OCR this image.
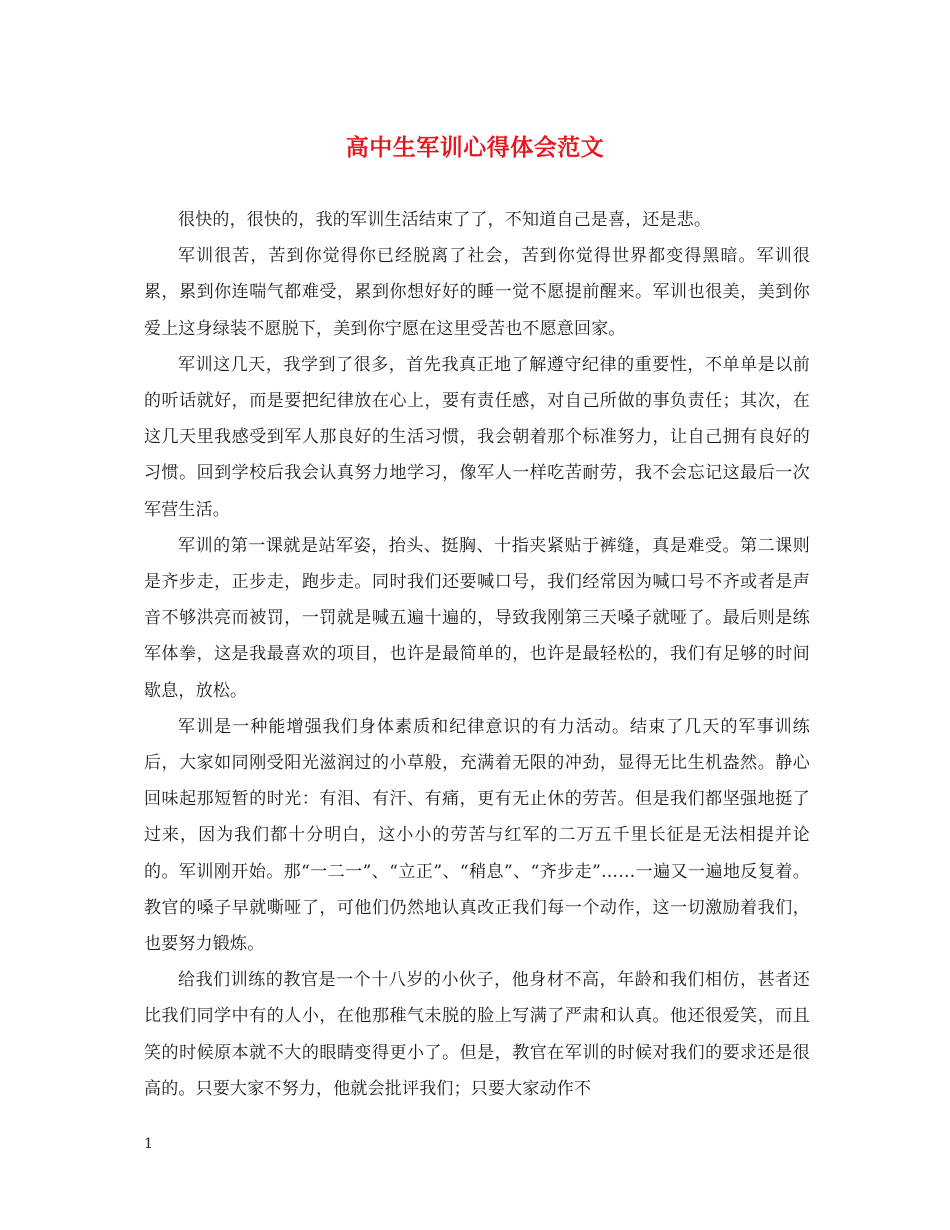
高中生军训心得体会范文

很快的，很快的，我的军训生活结束了了，不知道自己是喜，还是悲。

军训很苦，苦到你觉得你已经脱离了社会，苦到你觉得世界都变得黑暗。军训很累，累到你连喘气都难受，累到你想好好的睡一觉不愿提前醒来。军训也很美，美到你爱上这身绿装不愿脱下，美到你宁愿在这里受苦也不愿意回家。

军训这几天，我学到了很多，首先我真正地了解遵守纪律的重要性，不单单是以前的听话就好，而是要把纪律放在心上，要有责任感，对自己所做的事负责任；其次，在这几天里我感受到军人那良好的生活习惯，我会朝着那个标准努力，让自己拥有良好的习惯。回到学校后我会认真努力地学习，像军人一样吃苦耐劳，我不会忘记这最后一次军营生活。

军训的第一课就是站军姿，抬头、挺胸、十指夹紧贴于裤缝，真是难受。第二课则是齐步走，正步走，跑步走。同时我们还要喊口号，我们经常因为喊口号不齐或者是声音不够洪亮而被罚，一罚就是喊五遍十遍的，导致我刚第三天嗓子就哑了。最后则是练军体拳，这是我最喜欢的项目，也许是最简单的，也许是最轻松的，我们有足够的时间歇息，放松。

军训是一种能增强我们身体素质和纪律意识的有力活动。结束了几天的军事训练后，大家如同刚受阳光滋润过的小草般，充满着无限的冲劲，显得无比生机盎然。静心回味起那短暂的时光：有泪、有汗、有痛，更有无止休的劳苦。但是我们都坚强地挺了过来，因为我们都十分明白，这小小的劳苦与红军的二万五千里长征是无法相提并论的。军训刚开始。那“一二一”、“立正”、“稍息”、“齐步走”……一遍又一遍地反复着。教官的嗓子早就嘶哑了，可他们仍然地认真改正我们每一个动作，这一切激励着我们，也要努力锻炼。

给我们训练的教官是一个十八岁的小伙子，他身材不高，年龄和我们相仿，甚者还比我们同学中有的人小，在他那稚气未脱的脸上写满了严肃和认真。他还很爱笑，而且笑的时候原本就不大的眼睛变得更小了。但是，教官在军训的时候对我们的要求还是很高的。只要大家不努力，他就会批评我们；只要大家动作不

1
